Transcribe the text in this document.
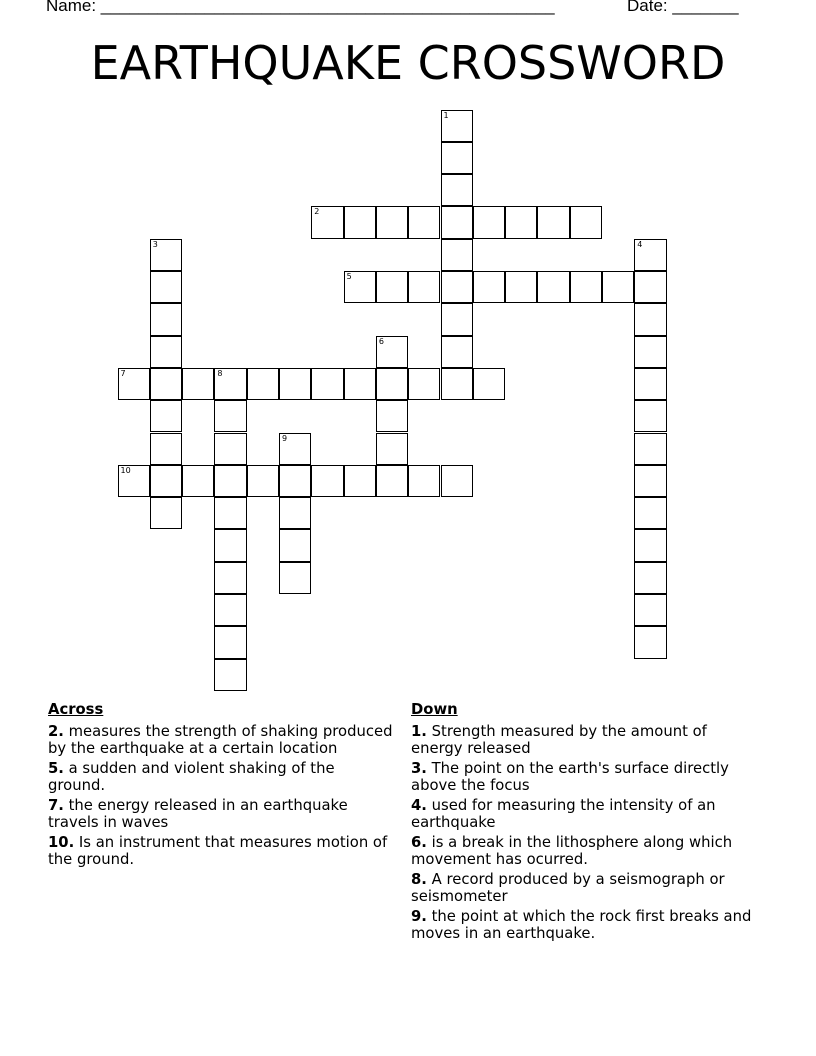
Name: ________________________________________________	Date: _______
EARTHQUAKE CROSSWORD
1
2
3	4
5
6
7	8
9
10
Across
2. measures the strength of shaking produced by the earthquake at a certain location
5. a sudden and violent shaking of the ground.
7. the energy released in an earthquake travels in waves
10. Is an instrument that measures motion of the ground.
Down
1. Strength measured by the amount of energy released
3. The point on the earth's surface directly above the focus
4. used for measuring the intensity of an earthquake
6. is a break in the lithosphere along which movement has ocurred.
8. A record produced by a seismograph or seismometer
9. the point at which the rock first breaks and moves in an earthquake.
